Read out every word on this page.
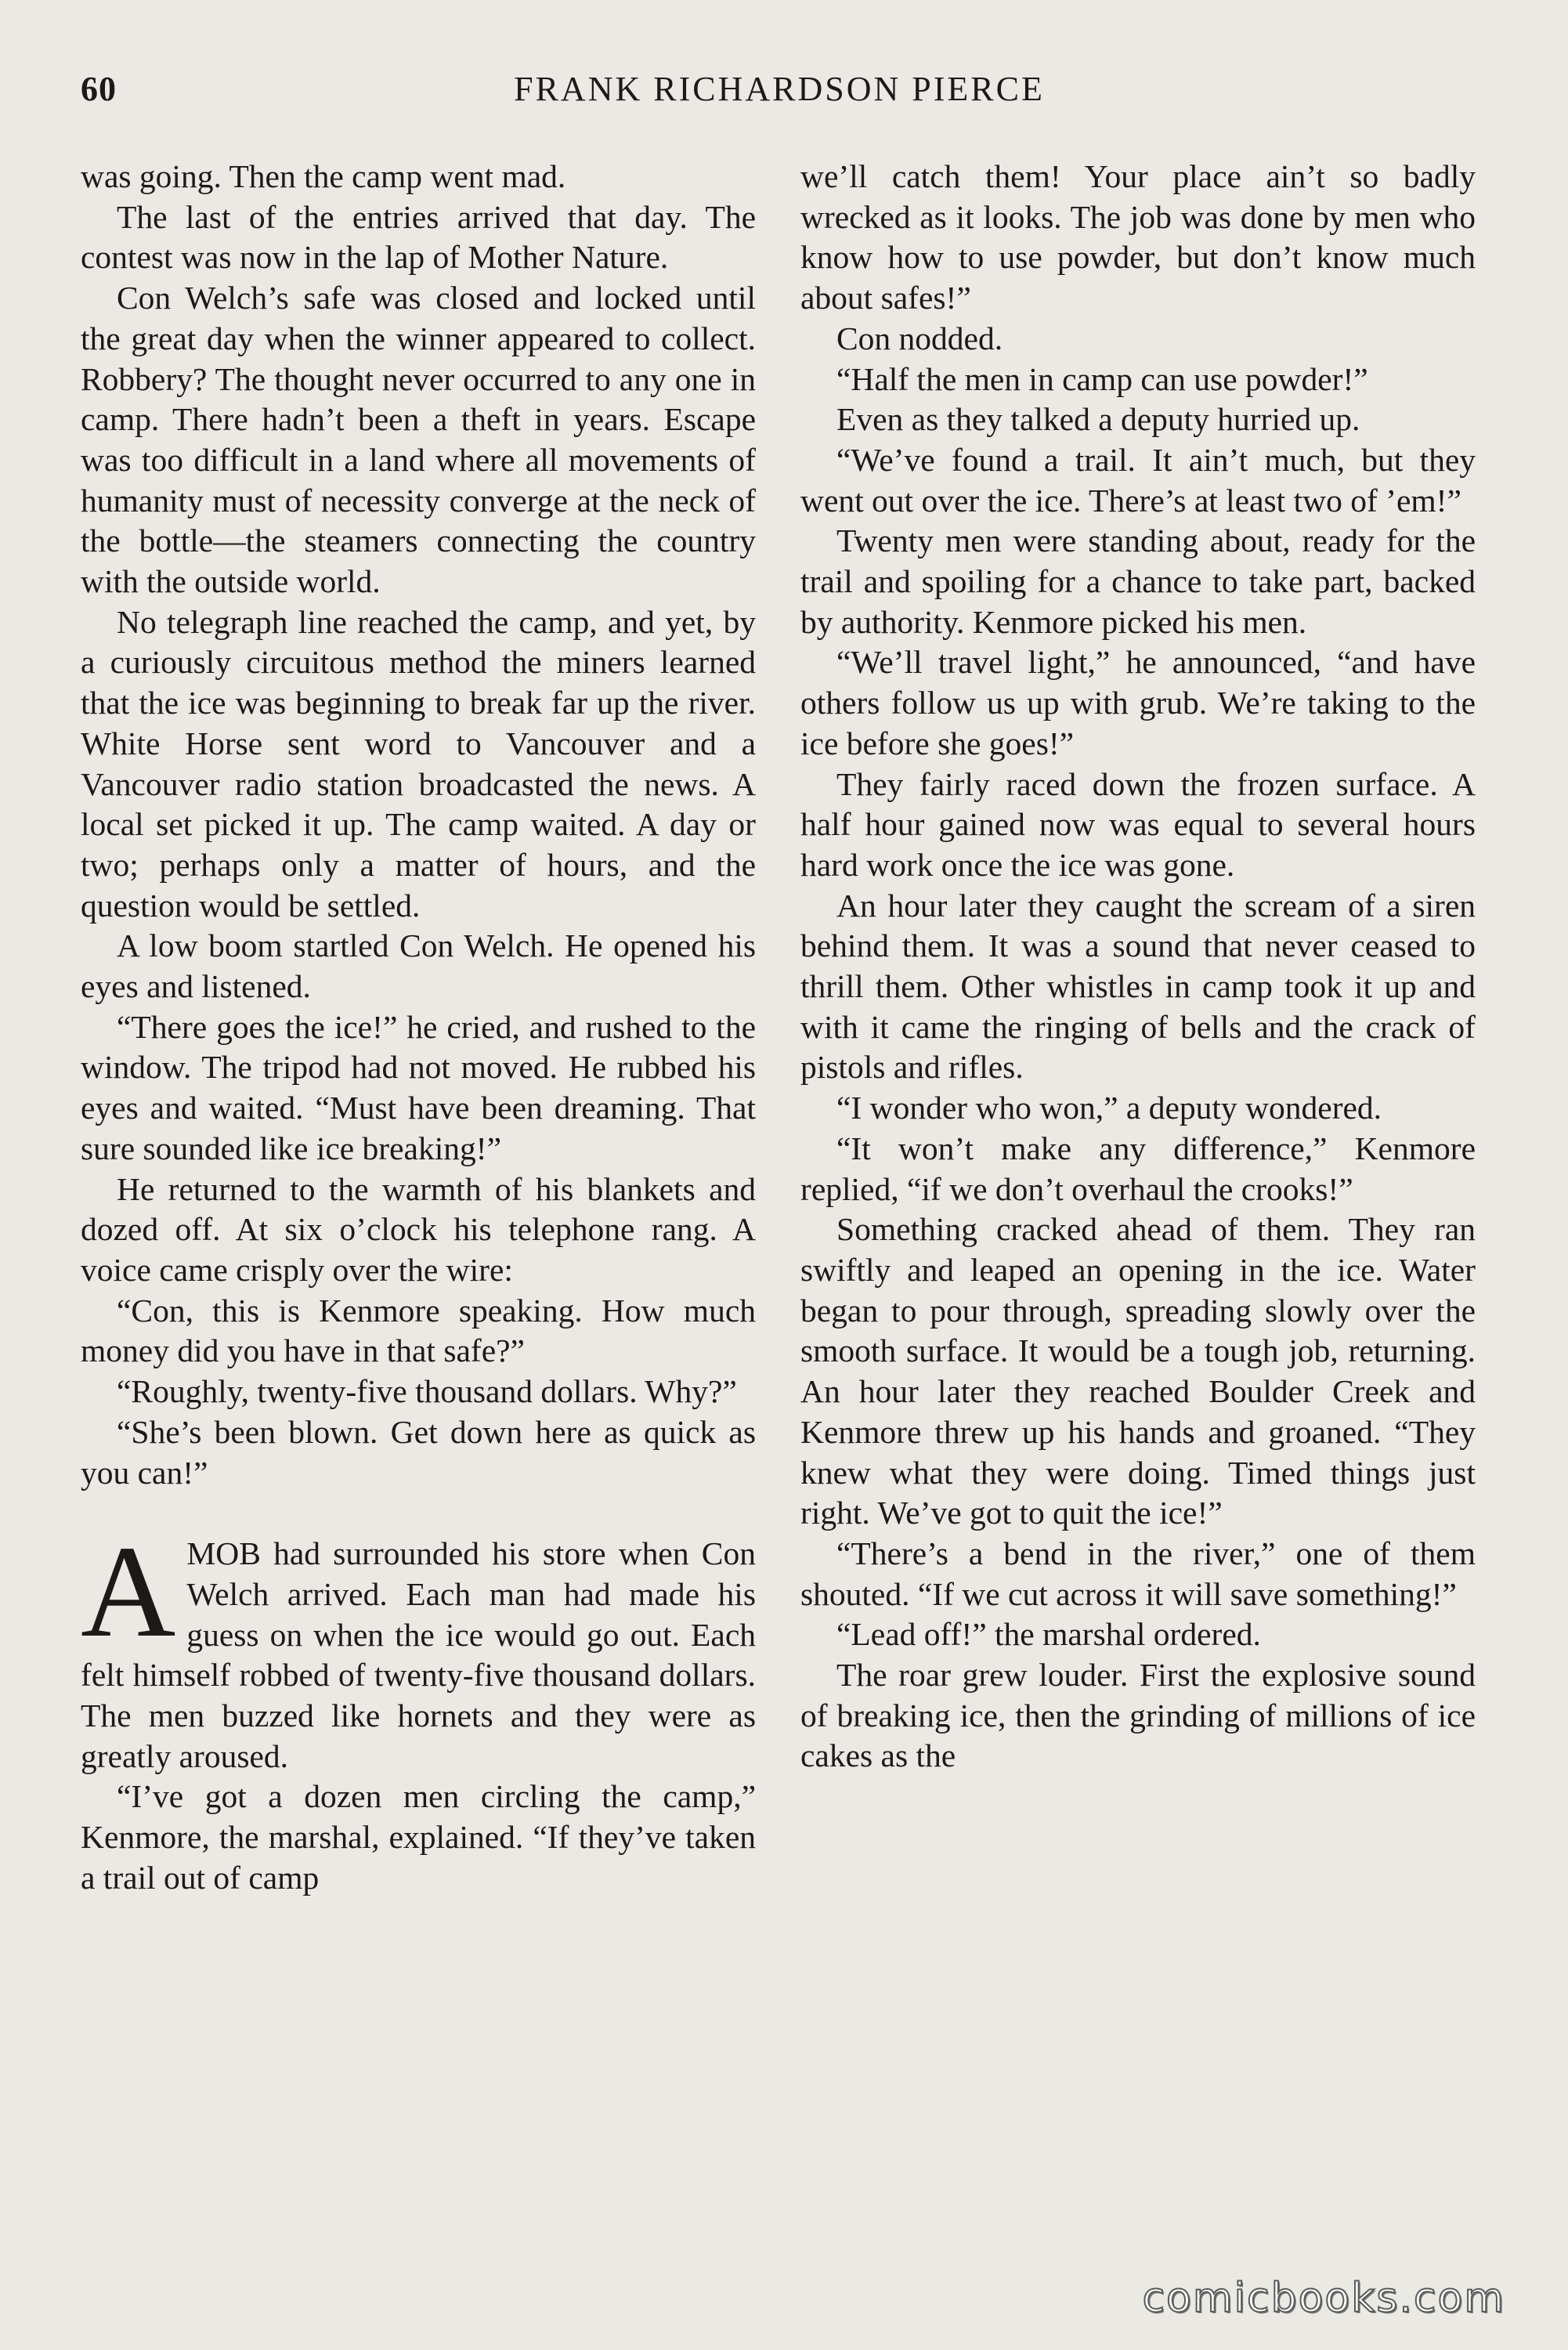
60	FRANK RICHARDSON PIERCE

was going. Then the camp went mad.

The last of the entries arrived that day. The contest was now in the lap of Mother Nature.

Con Welch’s safe was closed and locked until the great day when the winner appeared to collect. Robbery? The thought never occurred to any one in camp. There hadn’t been a theft in years. Escape was too difficult in a land where all movements of humanity must of necessity converge at the neck of the bottle—the steamers connecting the country with the outside world.

No telegraph line reached the camp, and yet, by a curiously circuitous method the miners learned that the ice was beginning to break far up the river. White Horse sent word to Vancouver and a Vancouver radio station broadcasted the news. A local set picked it up. The camp waited. A day or two; perhaps only a matter of hours, and the question would be settled.

A low boom startled Con Welch. He opened his eyes and listened.

“There goes the ice!” he cried, and rushed to the window. The tripod had not moved. He rubbed his eyes and waited. “Must have been dreaming. That sure sounded like ice breaking!”

He returned to the warmth of his blankets and dozed off. At six o’clock his telephone rang. A voice came crisply over the wire:

“Con, this is Kenmore speaking. How much money did you have in that safe?”

“Roughly, twenty-five thousand dollars. Why?”

“She’s been blown. Get down here as quick as you can!”

AMOB had surrounded his store when Con Welch arrived. Each man had made his guess on when the ice would go out. Each felt himself robbed of twenty-five thousand dollars. The men buzzed like hornets and they were as greatly aroused.

“I’ve got a dozen men circling the camp,” Kenmore, the marshal, explained. “If they’ve taken a trail out of camp

we’ll catch them! Your place ain’t so badly wrecked as it looks. The job was done by men who know how to use powder, but don’t know much about safes!”

Con nodded.

“Half the men in camp can use powder!”

Even as they talked a deputy hurried up.

“We’ve found a trail. It ain’t much, but they went out over the ice. There’s at least two of ’em!”

Twenty men were standing about, ready for the trail and spoiling for a chance to take part, backed by authority. Kenmore picked his men.

“We’ll travel light,” he announced, “and have others follow us up with grub. We’re taking to the ice before she goes!”

They fairly raced down the frozen surface. A half hour gained now was equal to several hours hard work once the ice was gone.

An hour later they caught the scream of a siren behind them. It was a sound that never ceased to thrill them. Other whistles in camp took it up and with it came the ringing of bells and the crack of pistols and rifles.

“I wonder who won,” a deputy wondered.

“It won’t make any difference,” Kenmore replied, “if we don’t overhaul the crooks!”

Something cracked ahead of them. They ran swiftly and leaped an opening in the ice. Water began to pour through, spreading slowly over the smooth surface. It would be a tough job, returning. An hour later they reached Boulder Creek and Kenmore threw up his hands and groaned. “They knew what they were doing. Timed things just right. We’ve got to quit the ice!”

“There’s a bend in the river,” one of them shouted. “If we cut across it will save something!”

“Lead off!” the marshal ordered.

The roar grew louder. First the explosive sound of breaking ice, then the grinding of millions of ice cakes as the

comicbooks.com
